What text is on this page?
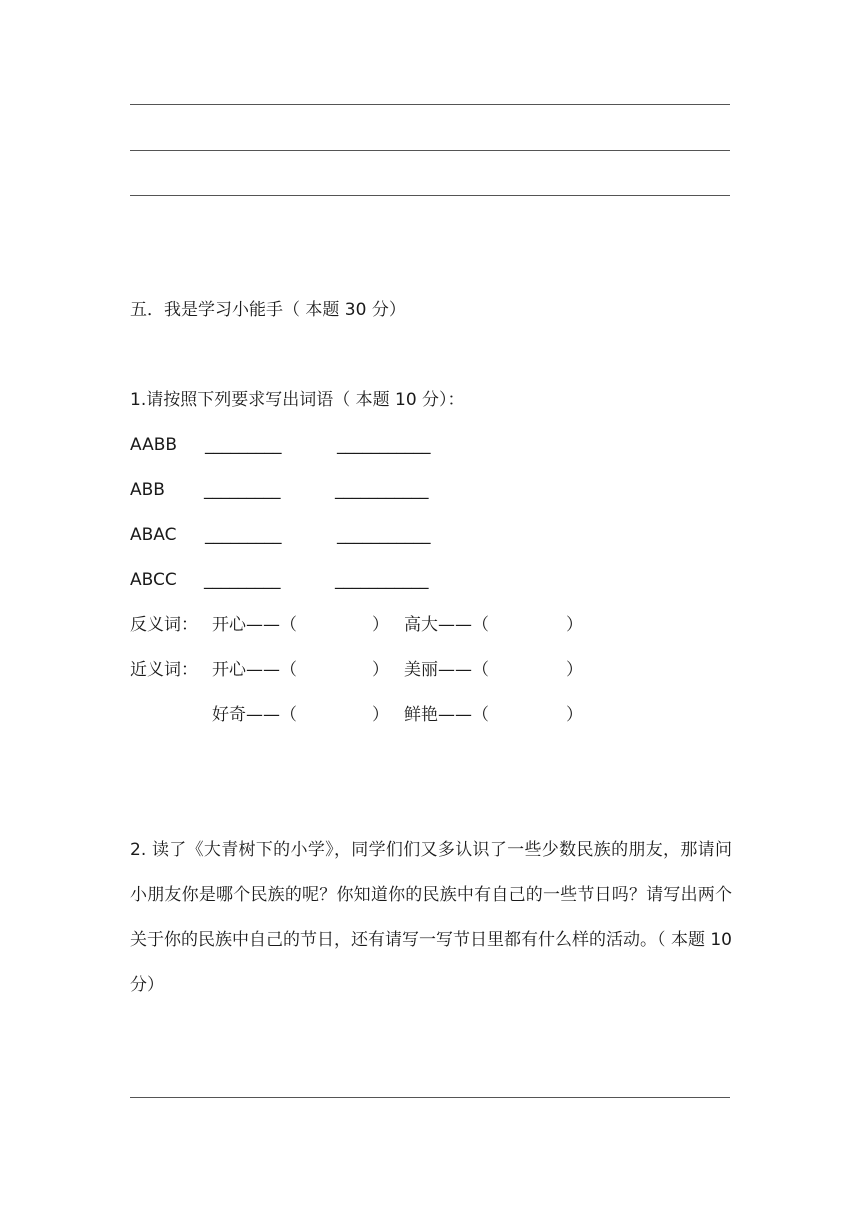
五．我是学习小能手（ 本题 30 分）
1.请按照下列要求写出词语（ 本题 10 分）：
AABB _________	___________
ABB _________	___________
ABAC _________	___________
ABCC _________	___________
反义词： 开心——（	） 高大——（	）
近义词： 开心——（	） 美丽——（	）
好奇——（	） 鲜艳——（	）
2. 读了《大青树下的小学》，同学们们又多认识了一些少数民族的朋友，那请问小朋友你是哪个民族的呢？你知道你的民族中有自己的一些节日吗？请写出两个关于你的民族中自己的节日，还有请写一写节日里都有什么样的活动。（ 本题 10 分）
